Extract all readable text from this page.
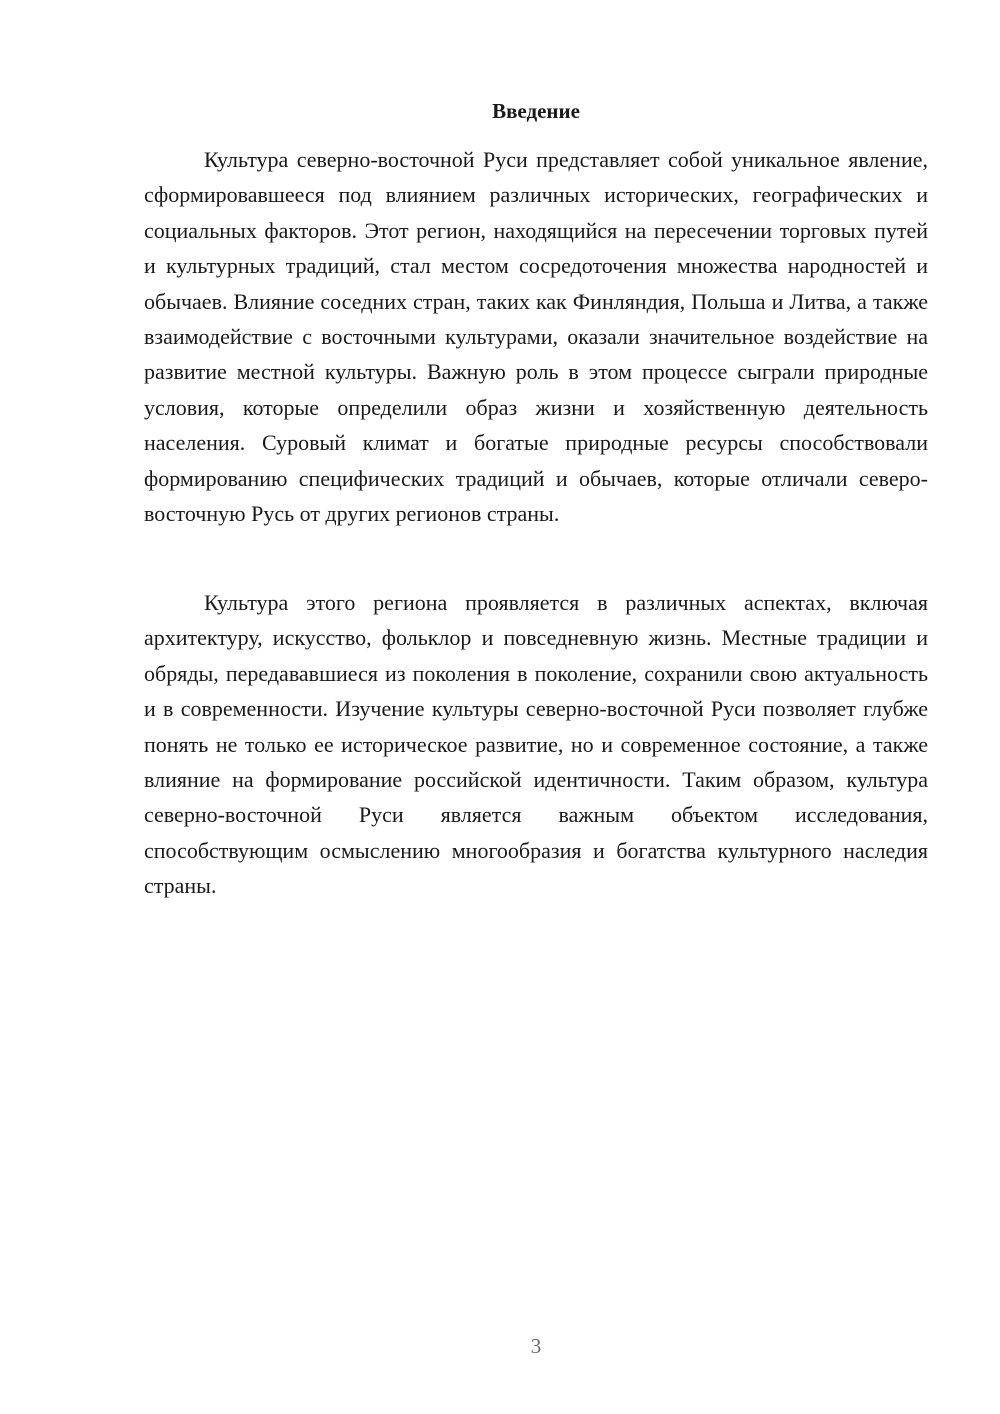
Введение

Культура северно-восточной Руси представляет собой уникальное явление, сформировавшееся под влиянием различных исторических, географических и социальных факторов. Этот регион, находящийся на пересечении торговых путей и культурных традиций, стал местом сосредоточения множества народностей и обычаев. Влияние соседних стран, таких как Финляндия, Польша и Литва, а также взаимодействие с восточными культурами, оказали значительное воздействие на развитие местной культуры. Важную роль в этом процессе сыграли природные условия, которые определили образ жизни и хозяйственную деятельность населения. Суровый климат и богатые природные ресурсы способствовали формированию специфических традиций и обычаев, которые отличали северо-восточную Русь от других регионов страны.

Культура этого региона проявляется в различных аспектах, включая архитектуру, искусство, фольклор и повседневную жизнь. Местные традиции и обряды, передававшиеся из поколения в поколение, сохранили свою актуальность и в современности. Изучение культуры северно-восточной Руси позволяет глубже понять не только ее историческое развитие, но и современное состояние, а также влияние на формирование российской идентичности. Таким образом, культура северно-восточной Руси является важным объектом исследования, способствующим осмыслению многообразия и богатства культурного наследия страны.

3
